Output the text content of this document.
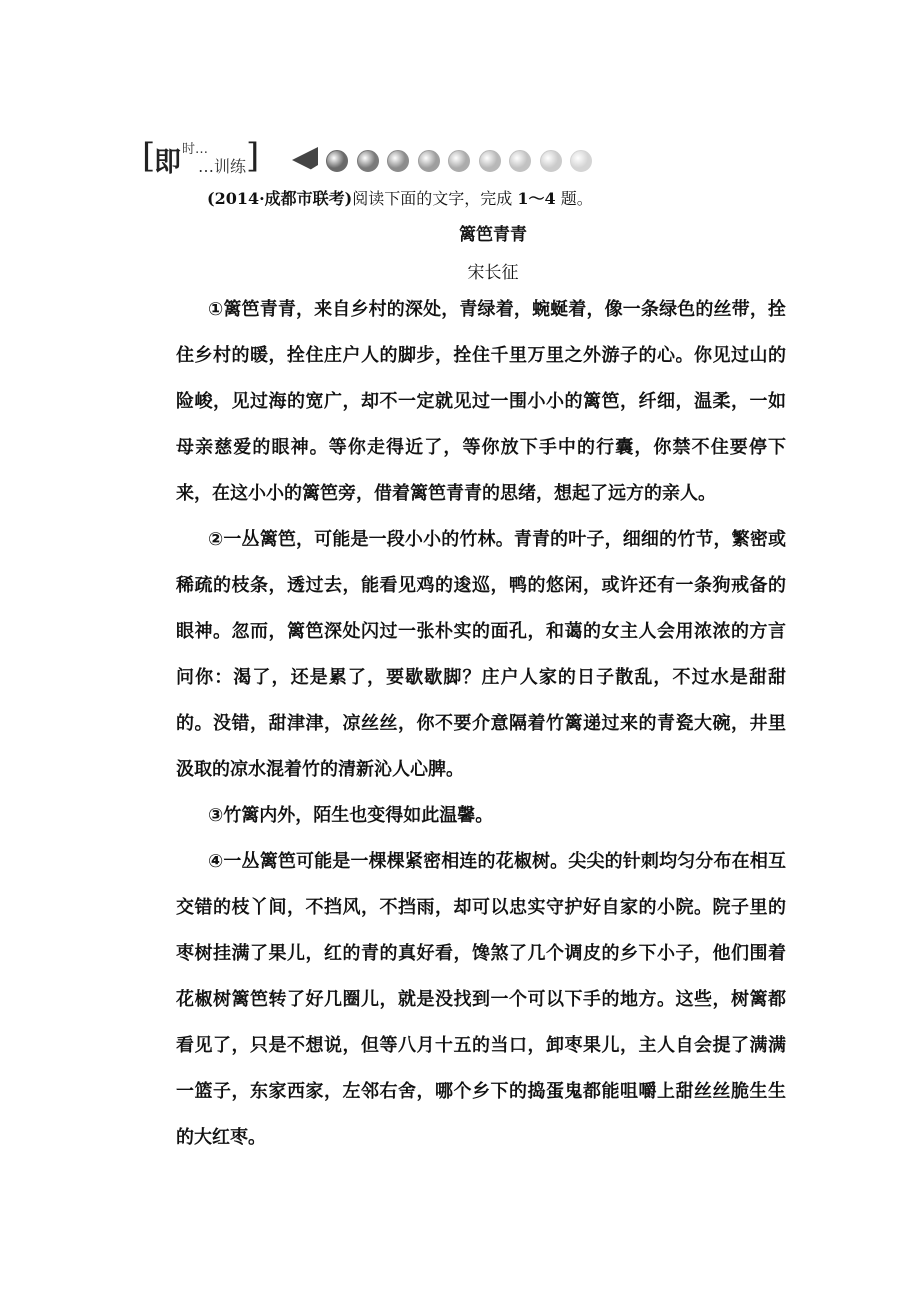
[
即 时…
…训练 ]
(2014·成都市联考)阅读下面的文字，完成 1～4 题。
篱笆青青
宋长征

①篱笆青青，来自乡村的深处，青绿着，蜿蜒着，像一条绿色的丝带，拴住乡村的暖，拴住庄户人的脚步，拴住千里万里之外游子的心。你见过山的险峻，见过海的宽广，却不一定就见过一围小小的篱笆，纤细，温柔，一如母亲慈爱的眼神。等你走得近了，等你放下手中的行囊，你禁不住要停下来，在这小小的篱笆旁，借着篱笆青青的思绪，想起了远方的亲人。

②一丛篱笆，可能是一段小小的竹林。青青的叶子，细细的竹节，繁密或稀疏的枝条，透过去，能看见鸡的逡巡，鸭的悠闲，或许还有一条狗戒备的眼神。忽而，篱笆深处闪过一张朴实的面孔，和蔼的女主人会用浓浓的方言问你：渴了，还是累了，要歇歇脚？庄户人家的日子散乱，不过水是甜甜的。没错，甜津津，凉丝丝，你不要介意隔着竹篱递过来的青瓷大碗，井里汲取的凉水混着竹的清新沁人心脾。

③竹篱内外，陌生也变得如此温馨。

④一丛篱笆可能是一棵棵紧密相连的花椒树。尖尖的针刺均匀分布在相互交错的枝丫间，不挡风，不挡雨，却可以忠实守护好自家的小院。院子里的枣树挂满了果儿，红的青的真好看，馋煞了几个调皮的乡下小子，他们围着花椒树篱笆转了好几圈儿，就是没找到一个可以下手的地方。这些，树篱都看见了，只是不想说，但等八月十五的当口，卸枣果儿，主人自会提了满满一篮子，东家西家，左邻右舍，哪个乡下的捣蛋鬼都能咀嚼上甜丝丝脆生生的大红枣。
